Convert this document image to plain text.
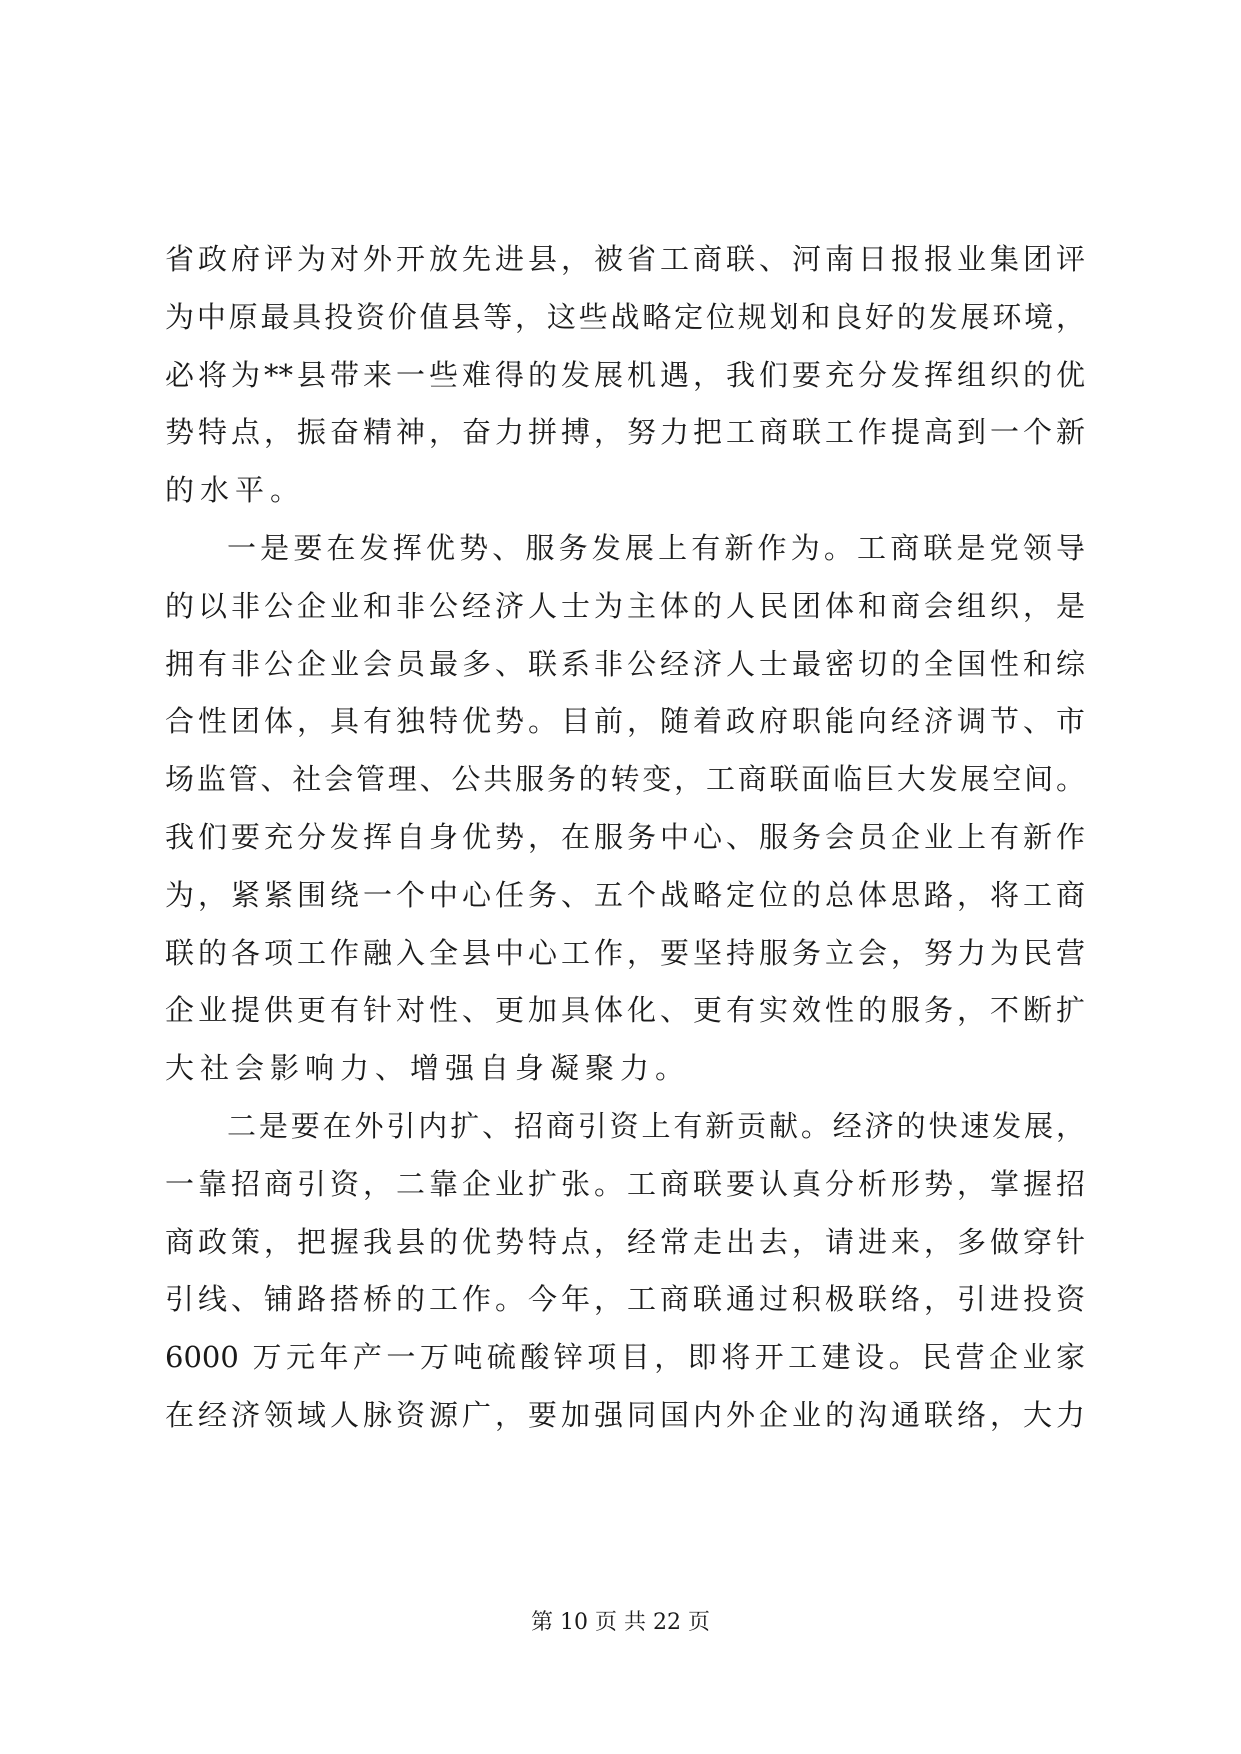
省政府评为对外开放先进县，被省工商联、河南日报报业集团评
为中原最具投资价值县等，这些战略定位规划和良好的发展环境，
必将为**县带来一些难得的发展机遇，我们要充分发挥组织的优
势特点，振奋精神，奋力拼搏，努力把工商联工作提高到一个新
的水平。
一是要在发挥优势、服务发展上有新作为。工商联是党领导
的以非公企业和非公经济人士为主体的人民团体和商会组织，是
拥有非公企业会员最多、联系非公经济人士最密切的全国性和综
合性团体，具有独特优势。目前，随着政府职能向经济调节、市
场监管、社会管理、公共服务的转变，工商联面临巨大发展空间。
我们要充分发挥自身优势，在服务中心、服务会员企业上有新作
为，紧紧围绕一个中心任务、五个战略定位的总体思路，将工商
联的各项工作融入全县中心工作，要坚持服务立会，努力为民营
企业提供更有针对性、更加具体化、更有实效性的服务，不断扩
大社会影响力、增强自身凝聚力。
二是要在外引内扩、招商引资上有新贡献。经济的快速发展，
一靠招商引资，二靠企业扩张。工商联要认真分析形势，掌握招
商政策，把握我县的优势特点，经常走出去，请进来，多做穿针
引线、铺路搭桥的工作。今年，工商联通过积极联络，引进投资
6000 万元年产一万吨硫酸锌项目，即将开工建设。民营企业家
在经济领域人脉资源广，要加强同国内外企业的沟通联络，大力
第 10 页 共 22 页
